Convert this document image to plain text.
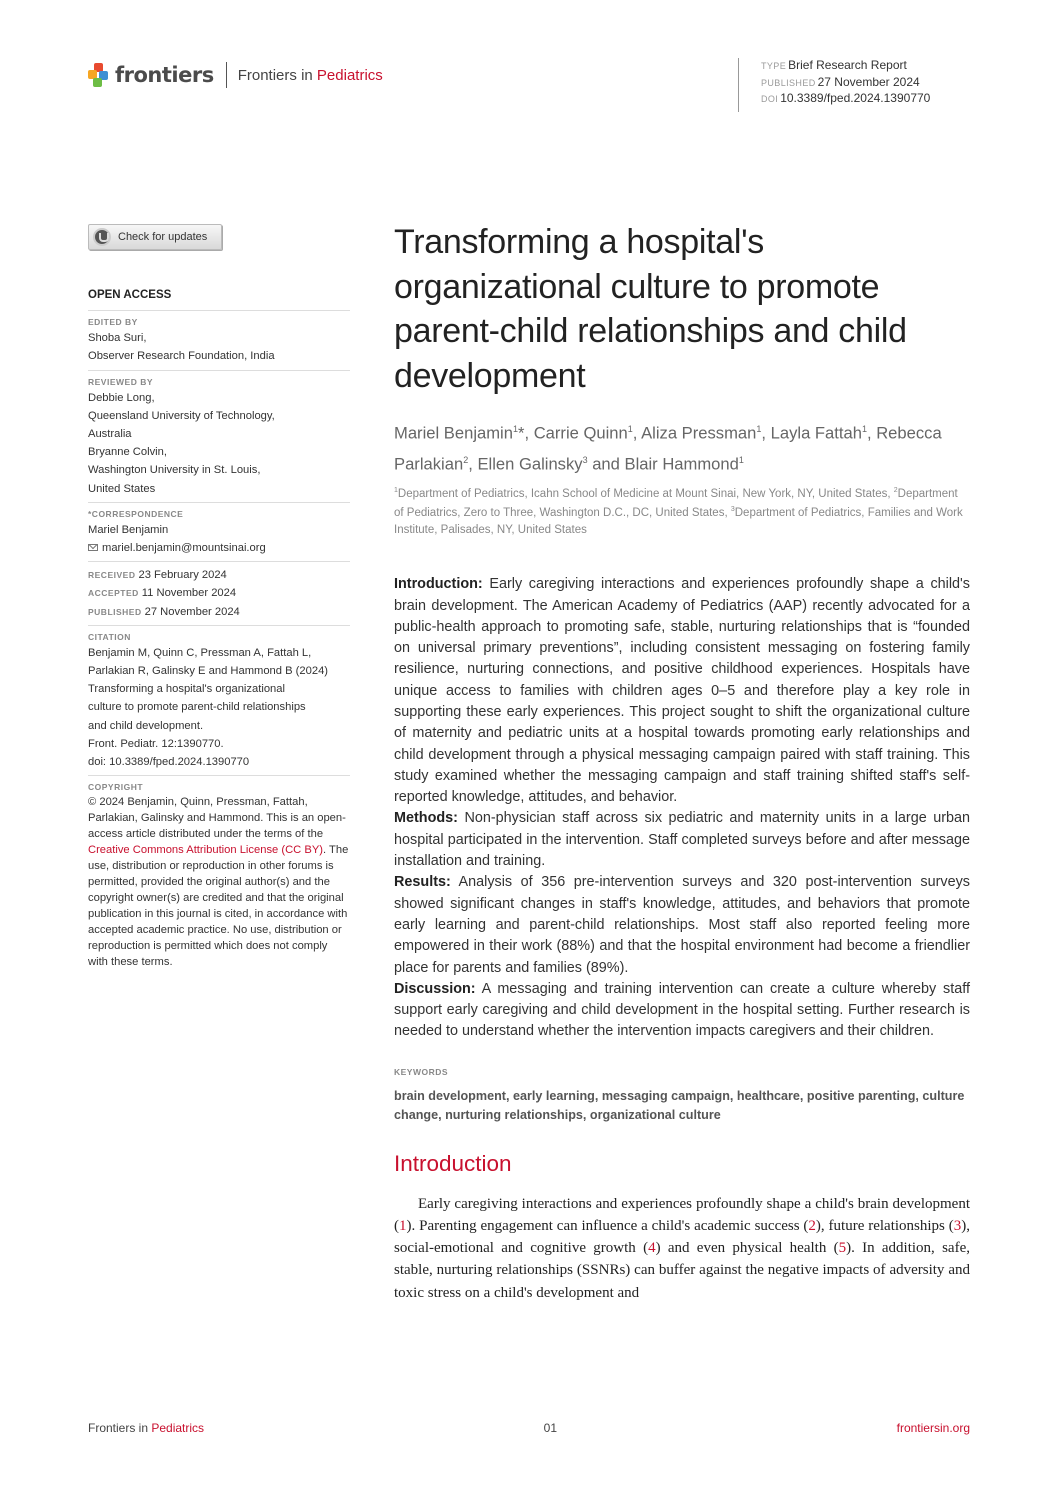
frontiers Frontiers in Pediatrics
TYPE Brief Research Report
PUBLISHED 27 November 2024
DOI 10.3389/fped.2024.1390770
Check for updates
OPEN ACCESS
EDITED BY
Shoba Suri,
Observer Research Foundation, India
REVIEWED BY
Debbie Long,
Queensland University of Technology,
Australia
Bryanne Colvin,
Washington University in St. Louis,
United States
*CORRESPONDENCE
Mariel Benjamin
mariel.benjamin@mountsinai.org
RECEIVED 23 February 2024
ACCEPTED 11 November 2024
PUBLISHED 27 November 2024
CITATION
Benjamin M, Quinn C, Pressman A, Fattah L,
Parlakian R, Galinsky E and Hammond B (2024)
Transforming a hospital's organizational
culture to promote parent-child relationships
and child development.
Front. Pediatr. 12:1390770.
doi: 10.3389/fped.2024.1390770
COPYRIGHT
© 2024 Benjamin, Quinn, Pressman, Fattah, Parlakian, Galinsky and Hammond. This is an open-access article distributed under the terms of the Creative Commons Attribution License (CC BY). The use, distribution or reproduction in other forums is permitted, provided the original author(s) and the copyright owner(s) are credited and that the original publication in this journal is cited, in accordance with accepted academic practice. No use, distribution or reproduction is permitted which does not comply with these terms.
Transforming a hospital's organizational culture to promote parent-child relationships and child development
Mariel Benjamin$^1$*, Carrie Quinn$^1$, Aliza Pressman$^1$, Layla Fattah$^1$, Rebecca Parlakian$^2$, Ellen Galinsky$^3$ and Blair Hammond$^1$
$^1$Department of Pediatrics, Icahn School of Medicine at Mount Sinai, New York, NY, United States, $^2$Department of Pediatrics, Zero to Three, Washington D.C., DC, United States, $^3$Department of Pediatrics, Families and Work Institute, Palisades, NY, United States

Introduction: Early caregiving interactions and experiences profoundly shape a child's brain development. The American Academy of Pediatrics (AAP) recently advocated for a public-health approach to promoting safe, stable, nurturing relationships that is “founded on universal primary preventions”, including consistent messaging on fostering family resilience, nurturing connections, and positive childhood experiences. Hospitals have unique access to families with children ages 0–5 and therefore play a key role in supporting these early experiences. This project sought to shift the organizational culture of maternity and pediatric units at a hospital towards promoting early relationships and child development through a physical messaging campaign paired with staff training. This study examined whether the messaging campaign and staff training shifted staff's self-reported knowledge, attitudes, and behavior.

Methods: Non-physician staff across six pediatric and maternity units in a large urban hospital participated in the intervention. Staff completed surveys before and after message installation and training.

Results: Analysis of 356 pre-intervention surveys and 320 post-intervention surveys showed significant changes in staff's knowledge, attitudes, and behaviors that promote early learning and parent-child relationships. Most staff also reported feeling more empowered in their work (88%) and that the hospital environment had become a friendlier place for parents and families (89%).

Discussion: A messaging and training intervention can create a culture whereby staff support early caregiving and child development in the hospital setting. Further research is needed to understand whether the intervention impacts caregivers and their children.

KEYWORDS
brain development, early learning, messaging campaign, healthcare, positive parenting, culture change, nurturing relationships, organizational culture
Introduction

Early caregiving interactions and experiences profoundly shape a child's brain development (1). Parenting engagement can influence a child's academic success (2), future relationships (3), social-emotional and cognitive growth (4) and even physical health (5). In addition, safe, stable, nurturing relationships (SSNRs) can buffer against the negative impacts of adversity and toxic stress on a child's development and

Frontiers in Pediatrics	01	frontiersin.org
